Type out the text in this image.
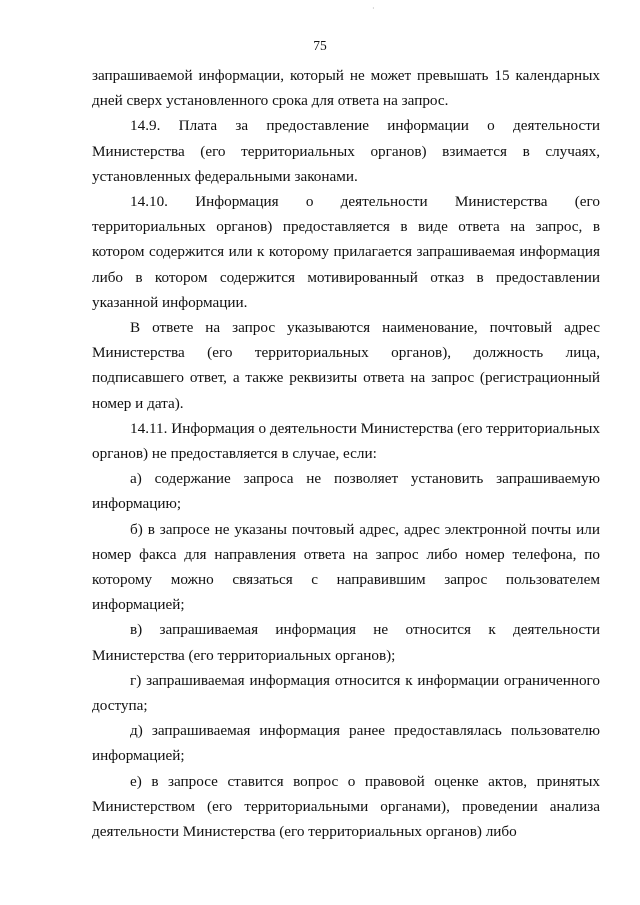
·
75

запрашиваемой информации, который не может превышать 15 календарных дней сверх установленного срока для ответа на запрос.

14.9. Плата за предоставление информации о деятельности Министерства (его территориальных органов) взимается в случаях, установленных федеральными законами.

14.10. Информация о деятельности Министерства (его территориальных органов) предоставляется в виде ответа на запрос, в котором содержится или к которому прилагается запрашиваемая информация либо в котором содержится мотивированный отказ в предоставлении указанной информации.

В ответе на запрос указываются наименование, почтовый адрес Министерства (его территориальных органов), должность лица, подписавшего ответ, а также реквизиты ответа на запрос (регистрационный номер и дата).

14.11. Информация о деятельности Министерства (его территориальных органов) не предоставляется в случае, если:

а) содержание запроса не позволяет установить запрашиваемую информацию;

б) в запросе не указаны почтовый адрес, адрес электронной почты или номер факса для направления ответа на запрос либо номер телефона, по которому можно связаться с направившим запрос пользователем информацией;

в) запрашиваемая информация не относится к деятельности Министерства (его территориальных органов);

г) запрашиваемая информация относится к информации ограниченного доступа;

д) запрашиваемая информация ранее предоставлялась пользователю информацией;

е) в запросе ставится вопрос о правовой оценке актов, принятых Министерством (его территориальными органами), проведении анализа деятельности Министерства (его территориальных органов) либо
